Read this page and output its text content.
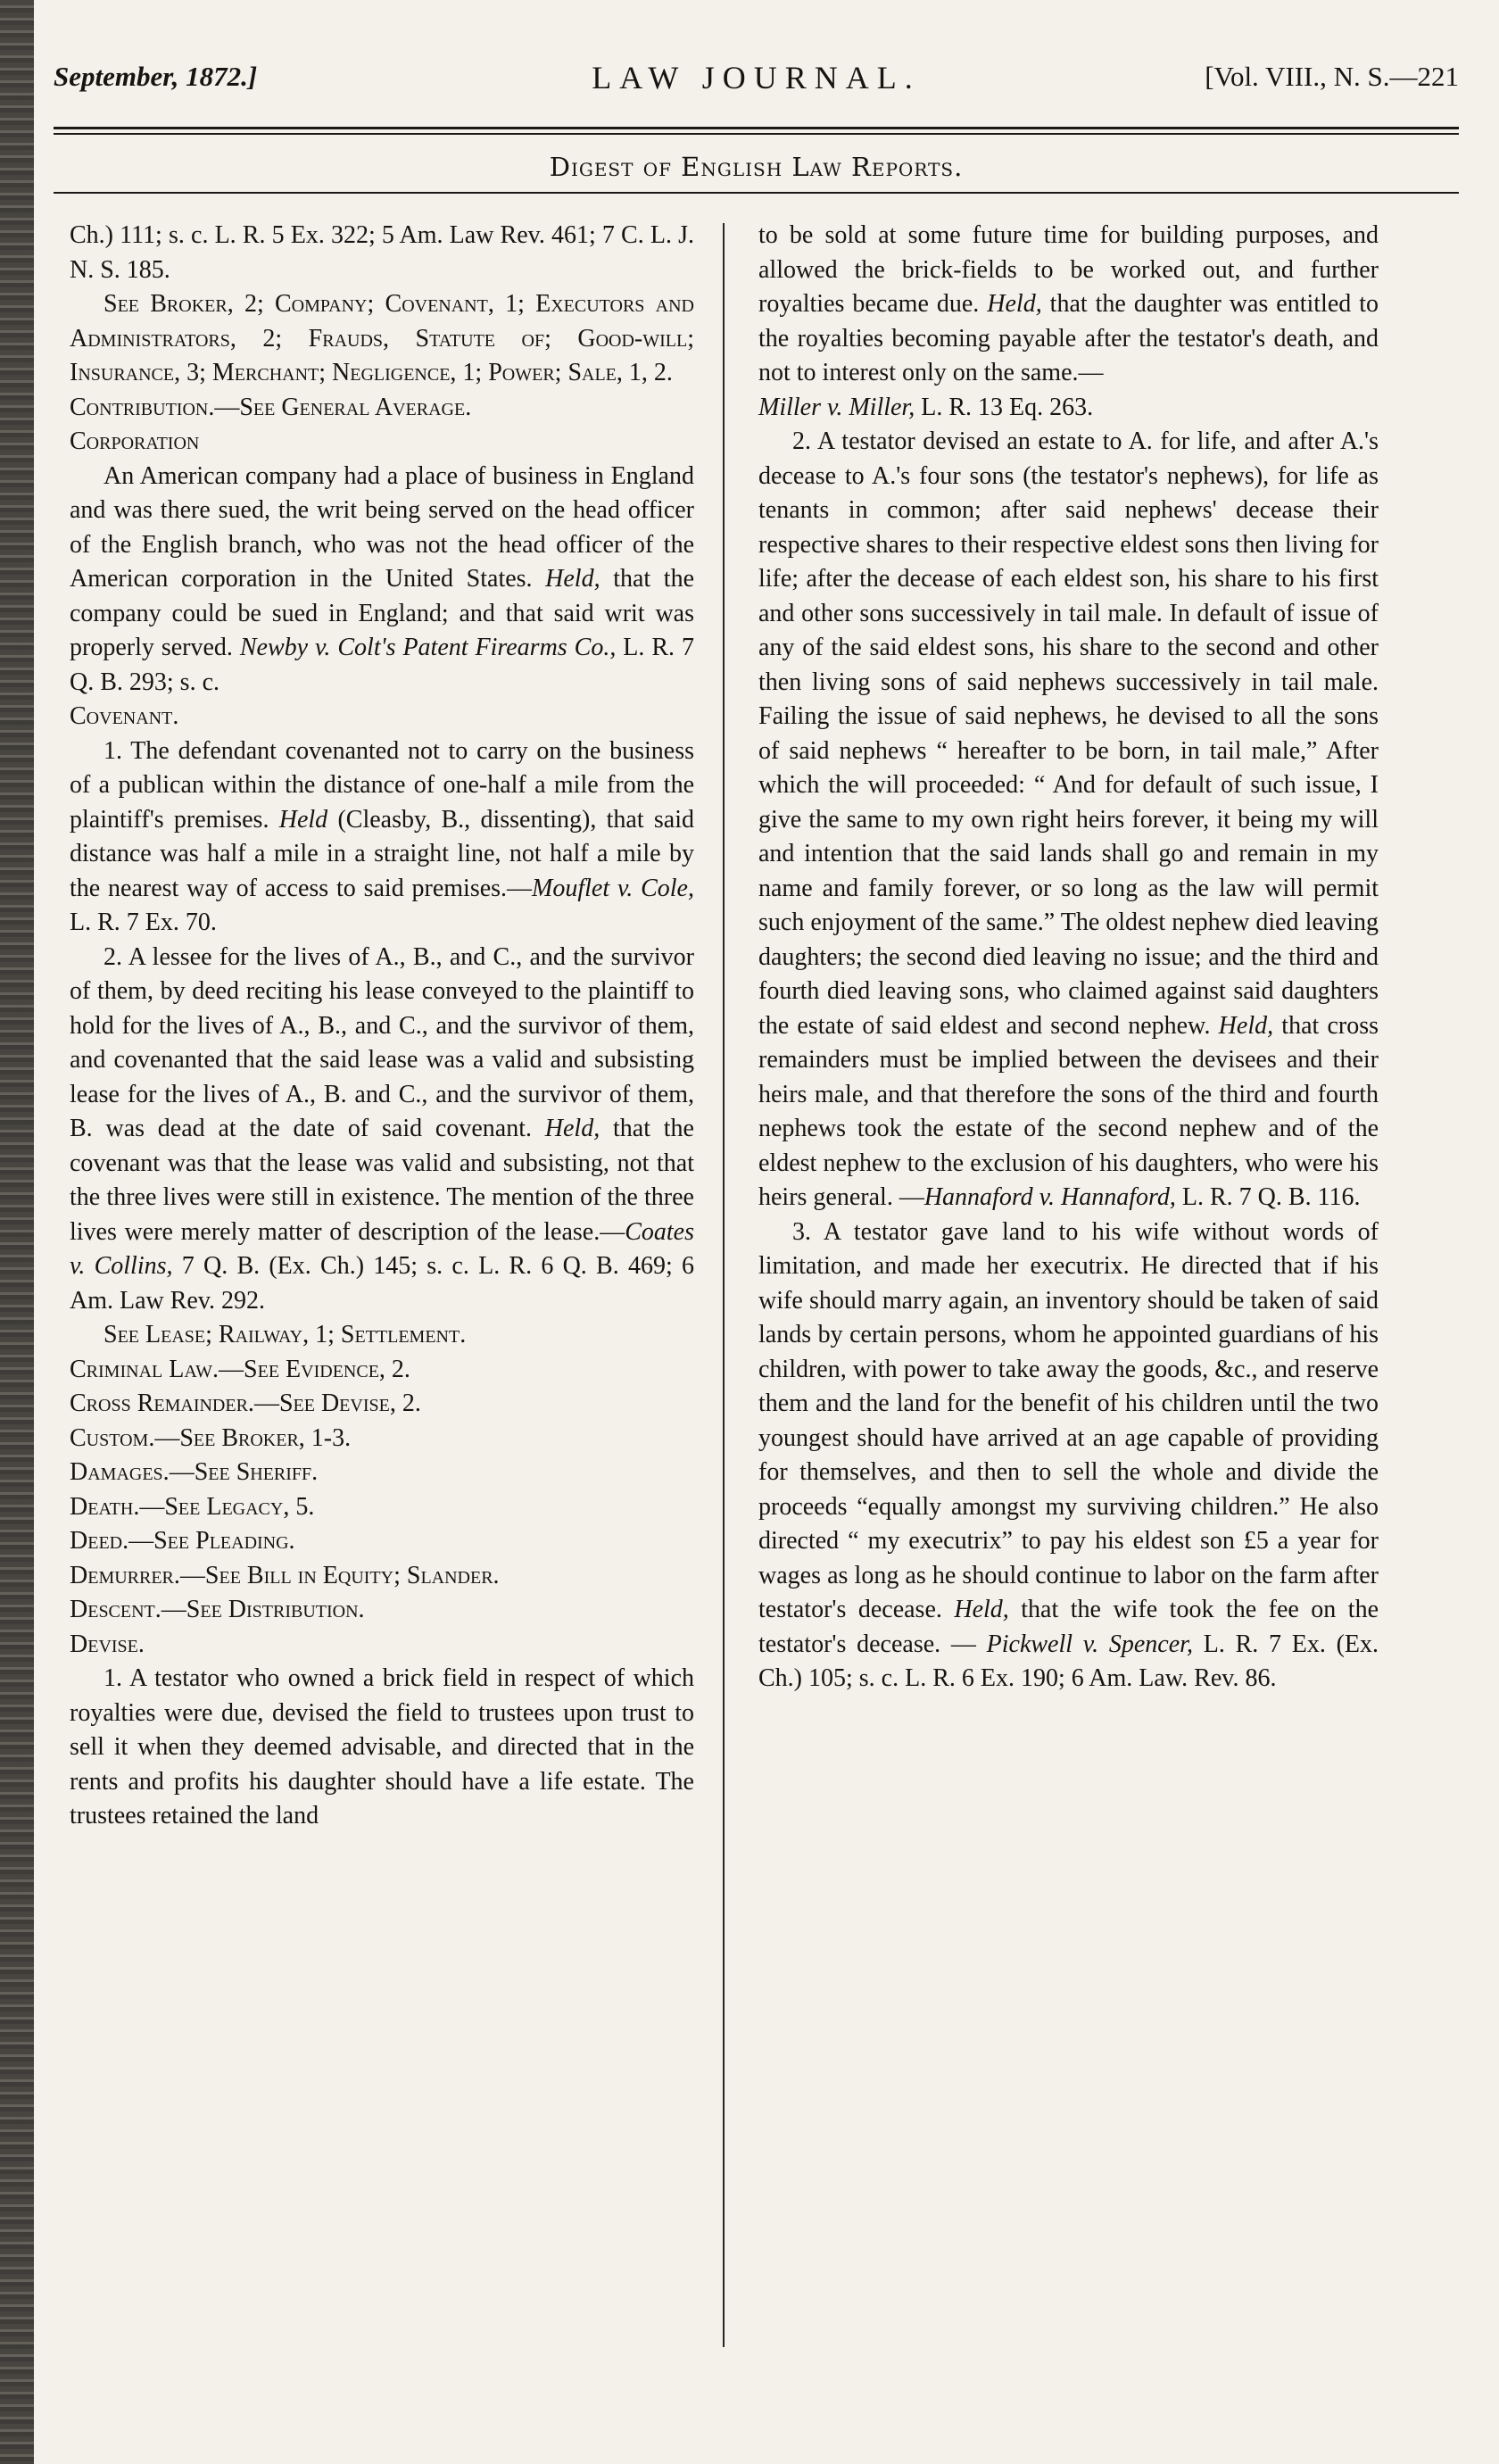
September, 1872.]	LAW JOURNAL.	[Vol. VIII., N. S.—221
Digest of English Law Reports.

Ch.) 111; s. c. L. R. 5 Ex. 322; 5 Am. Law Rev. 461; 7 C. L. J. N. S. 185.

See Broker, 2; Company; Covenant, 1; Executors and Administrators, 2; Frauds, Statute of; Good-will; Insurance, 3; Merchant; Negligence, 1; Power; Sale, 1, 2.

Contribution.—See General Average.

Corporation

An American company had a place of business in England and was there sued, the writ being served on the head officer of the English branch, who was not the head officer of the American corporation in the United States. Held, that the company could be sued in England; and that said writ was properly served. Newby v. Colt's Patent Firearms Co., L. R. 7 Q. B. 293; s. c.

Covenant.

1. The defendant covenanted not to carry on the business of a publican within the distance of one-half a mile from the plaintiff's premises. Held (Cleasby, B., dissenting), that said distance was half a mile in a straight line, not half a mile by the nearest way of access to said premises.—Mouflet v. Cole, L. R. 7 Ex. 70.

2. A lessee for the lives of A., B., and C., and the survivor of them, by deed reciting his lease conveyed to the plaintiff to hold for the lives of A., B., and C., and the survivor of them, and covenanted that the said lease was a valid and subsisting lease for the lives of A., B. and C., and the survivor of them, B. was dead at the date of said covenant. Held, that the covenant was that the lease was valid and subsisting, not that the three lives were still in existence. The mention of the three lives were merely matter of description of the lease.—Coates v. Collins, 7 Q. B. (Ex. Ch.) 145; s. c. L. R. 6 Q. B. 469; 6 Am. Law Rev. 292.

See Lease; Railway, 1; Settlement.

Criminal Law.—See Evidence, 2.

Cross Remainder.—See Devise, 2.

Custom.—See Broker, 1-3.

Damages.—See Sheriff.

Death.—See Legacy, 5.

Deed.—See Pleading.

Demurrer.—See Bill in Equity; Slander.

Descent.—See Distribution.

Devise.

1. A testator who owned a brick field in respect of which royalties were due, devised the field to trustees upon trust to sell it when they deemed advisable, and directed that in the rents and profits his daughter should have a life estate. The trustees retained the land

to be sold at some future time for building purposes, and allowed the brick-fields to be worked out, and further royalties became due. Held, that the daughter was entitled to the royalties becoming payable after the testator's death, and not to interest only on the same.—
Miller v. Miller, L. R. 13 Eq. 263.

2. A testator devised an estate to A. for life, and after A.'s decease to A.'s four sons (the testator's nephews), for life as tenants in common; after said nephews' decease their respective shares to their respective eldest sons then living for life; after the decease of each eldest son, his share to his first and other sons successively in tail male. In default of issue of any of the said eldest sons, his share to the second and other then living sons of said nephews successively in tail male. Failing the issue of said nephews, he devised to all the sons of said nephews “ hereafter to be born, in tail male,” After which the will proceeded: “ And for default of such issue, I give the same to my own right heirs forever, it being my will and intention that the said lands shall go and remain in my name and family forever, or so long as the law will permit such enjoyment of the same.” The oldest nephew died leaving daughters; the second died leaving no issue; and the third and fourth died leaving sons, who claimed against said daughters the estate of said eldest and second nephew. Held, that cross remainders must be implied between the devisees and their heirs male, and that therefore the sons of the third and fourth nephews took the estate of the second nephew and of the eldest nephew to the exclusion of his daughters, who were his heirs general. —Hannaford v. Hannaford, L. R. 7 Q. B. 116.

3. A testator gave land to his wife without words of limitation, and made her executrix. He directed that if his wife should marry again, an inventory should be taken of said lands by certain persons, whom he appointed guardians of his children, with power to take away the goods, &c., and reserve them and the land for the benefit of his children until the two youngest should have arrived at an age capable of providing for themselves, and then to sell the whole and divide the proceeds “equally amongst my surviving children.” He also directed “ my executrix” to pay his eldest son £5 a year for wages as long as he should continue to labor on the farm after testator's decease. Held, that the wife took the fee on the testator's decease. — Pickwell v. Spencer, L. R. 7 Ex. (Ex. Ch.) 105; s. c. L. R. 6 Ex. 190; 6 Am. Law. Rev. 86.
